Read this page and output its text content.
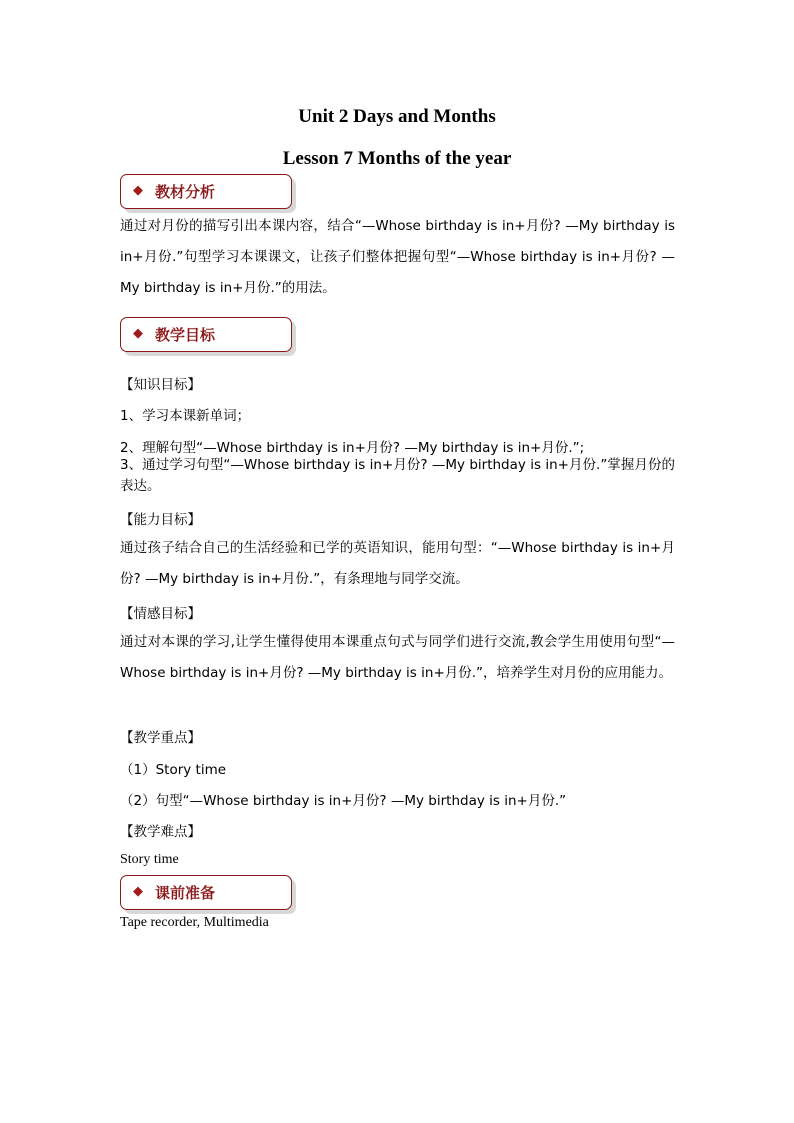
Unit 2 Days and Months
Lesson 7 Months of the year
◆ 教材分析
通过对月份的描写引出本课内容，结合“—Whose birthday is in+月份? —My birthday is in+月份.”句型学习本课课文，让孩子们整体把握句型“—Whose birthday is in+月份? —My birthday is in+月份.”的用法。
◆ 教学目标
【知识目标】
1、学习本课新单词；
2、理解句型“—Whose birthday is in+月份? —My birthday is in+月份.”;
3、通过学习句型“—Whose birthday is in+月份? —My birthday is in+月份.”掌握月份的表达。
【能力目标】
通过孩子结合自己的生活经验和已学的英语知识，能用句型：“—Whose birthday is in+月份? —My birthday is in+月份.”，有条理地与同学交流。
【情感目标】
通过对本课的学习,让学生懂得使用本课重点句式与同学们进行交流,教会学生用使用句型“—Whose birthday is in+月份? —My birthday is in+月份.”，培养学生对月份的应用能力。
【教学重点】
（1）Story time
（2）句型“—Whose birthday is in+月份? —My birthday is in+月份.”
【教学难点】
Story time
◆ 课前准备
Tape recorder, Multimedia
